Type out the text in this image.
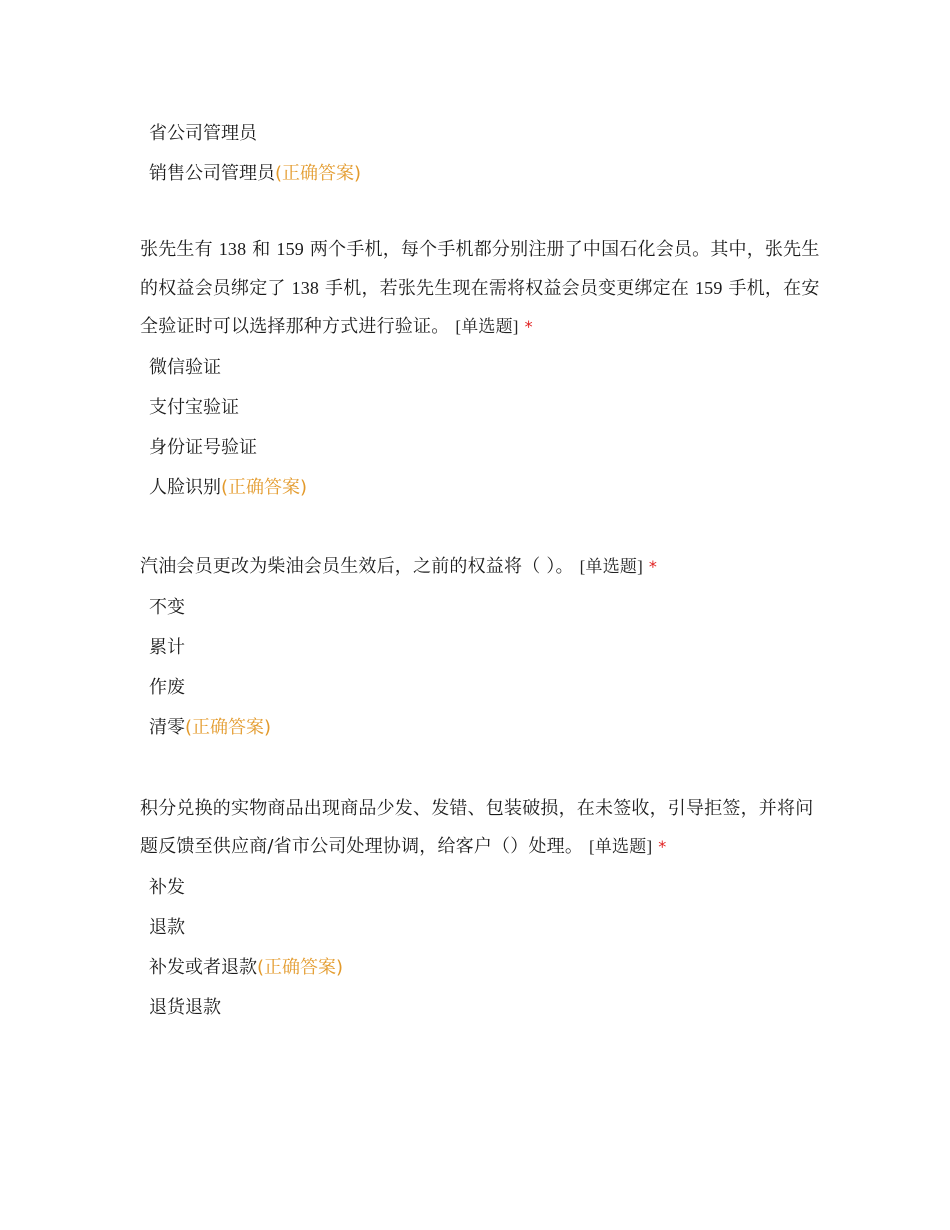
省公司管理员
销售公司管理员(正确答案)

张先生有 138 和 159 两个手机，每个手机都分别注册了中国石化会员。其中，张先生的权益会员绑定了 138 手机，若张先生现在需将权益会员变更绑定在 159 手机，在安全验证时可以选择那种方式进行验证。 [单选题] *

微信验证
支付宝验证
身份证号验证
人脸识别(正确答案)

汽油会员更改为柴油会员生效后，之前的权益将（ ）。 [单选题] *

不变
累计
作废
清零(正确答案)

积分兑换的实物商品出现商品少发、发错、包装破损，在未签收，引导拒签，并将问题反馈至供应商/省市公司处理协调，给客户（）处理。 [单选题] *

补发
退款
补发或者退款(正确答案)
退货退款
